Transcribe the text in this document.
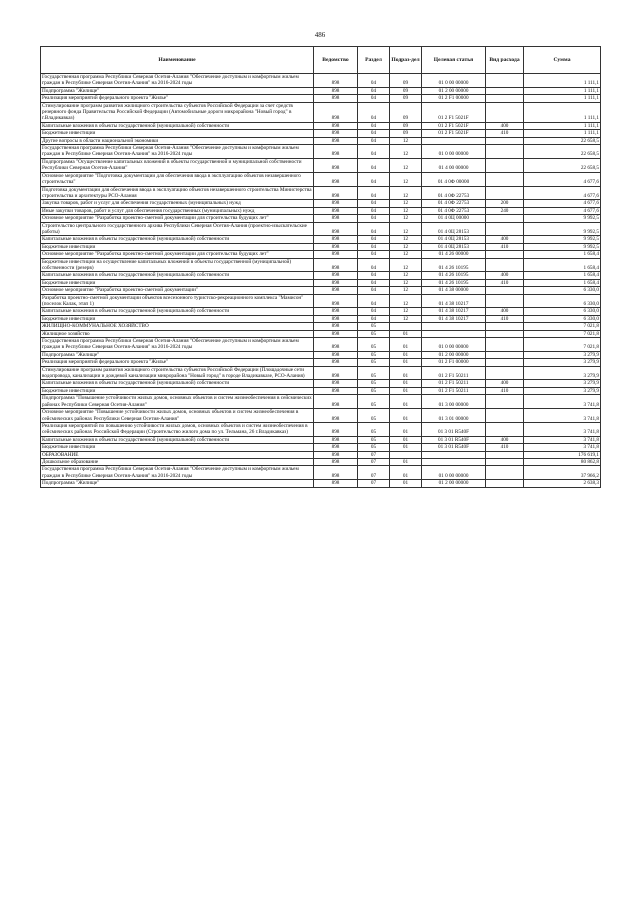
486
Наименование	Ведомство	Раздел	Подраз-дел	Целевая статья	Вид расхода	Сумма
Государственная программа Республики Северная Осетия-Алания "Обеспечение доступным и комфортным жильем граждан в Республике Северная Осетия-Алания" на 2016-2024 годы	898	04	09	01 0 00 00000		1 111,1
Подпрограмма "Жилище"	898	04	09	01 2 00 00000		1 111,1
Реализация мероприятий федерального проекта "Жилье"	898	04	09	01 2 F1 00000		1 111,1
Стимулирование программ развития жилищного строительства субъектов Российской Федерации за счет средств резервного фонда Правительства Российской Федерации (Автомобильные дороги микрорайона "Новый город" в г.Владикавказ)	898	04	09	01 2 F1 5021F		1 111,1
Капитальные вложения в объекты государственной (муниципальной) собственности	898	04	09	01 2 F1 5021F	400	1 111,1
Бюджетные инвестиции	898	04	09	01 2 F1 5021F	410	1 111,1
Другие вопросы в области национальной экономики	898	04	12			22 658,5
Государственная программа Республики Северная Осетия-Алания "Обеспечение доступным и комфортным жильем граждан в Республике Северная Осетия-Алания" на 2016-2024 годы	898	04	12	01 0 00 00000		22 658,5
Подпрограмма "Осуществление капитальных вложений в объекты государственной и муниципальной собственности Республики Северная Осетия-Алания"	898	04	12	01 4 00 00000		22 658,5
Основное мероприятие "Подготовка документации для обеспечения ввода в эксплуатацию объектов незавершенного строительства"	898	04	12	01 4 0Ф 00000		4 677,6
Подготовка документации для обеспечения ввода в эксплуатацию объектов незавершенного строительства Министерства строительства и архитектуры РСО-Алания	898	04	12	01 4 0Ф 22753		4 677,6
Закупка товаров, работ и услуг для обеспечения государственных (муниципальных) нужд	898	04	12	01 4 0Ф 22753	200	4 677,6
Иные закупки товаров, работ и услуг для обеспечения государственных (муниципальных) нужд	898	04	12	01 4 0Ф 22753	240	4 677,6
Основное мероприятие "Разработка проектно-сметной документации для строительства будущих лет"	898	04	12	01 4 0Ц 00000		9 992,5
Строительство центрального государственного архива Республики Северная Осетия-Алания (проектно-изыскательские работы)	898	04	12	01 4 0Ц 28153		9 992,5
Капитальные вложения в объекты государственной (муниципальной) собственности	898	04	12	01 4 0Ц 28153	400	9 992,5
Бюджетные инвестиции	898	04	12	01 4 0Ц 28153	410	9 992,5
Основное мероприятие "Разработка проектно-сметной документации для строительства будущих лет"	898	04	12	01 4 26 00000		1 658,4
Бюджетные инвестиции на осуществление капитальных вложений в объекты государственной (муниципальной) собственности (резерв)	898	04	12	01 4 26 10195		1 658,4
Капитальные вложения в объекты государственной (муниципальной) собственности	898	04	12	01 4 26 10195	400	1 658,4
Бюджетные инвестиции	898	04	12	01 4 26 10195	410	1 658,4
Основное мероприятие "Разработка проектно-сметной документации"	898	04	12	01 4 38 00000		6 330,0
Разработка проектно-сметной документации объектов всесезонного туристско-рекреационного комплекса "Мамисон" (поселок Калак, этап 1)	898	04	12	01 4 38 10217		6 330,0
Капитальные вложения в объекты государственной (муниципальной) собственности	898	04	12	01 4 38 10217	400	6 330,0
Бюджетные инвестиции	898	04	12	01 4 38 10217	410	6 330,0
ЖИЛИЩНО-КОММУНАЛЬНОЕ ХОЗЯЙСТВО	898	05				7 021,8
Жилищное хозяйство	898	05	01			7 021,8
Государственная программа Республики Северная Осетия-Алания "Обеспечение доступным и комфортным жильем граждан в Республике Северная Осетия-Алания" на 2016-2024 годы	898	05	01	01 0 00 00000		7 021,8
Подпрограмма "Жилище"	898	05	01	01 2 00 00000		3 279,9
Реализация мероприятий федерального проекта "Жилье"	898	05	01	01 2 F1 00000		3 279,9
Стимулирование программ развития жилищного строительства субъектов Российской Федерации (Площадочные сети водопровода, канализации и дождевой канализации микрорайона "Новый город" в городе Владикавказе, РСО-Алания)	898	05	01	01 2 F1 50211		3 279,9
Капитальные вложения в объекты государственной (муниципальной) собственности	898	05	01	01 2 F1 50211	400	3 279,9
Бюджетные инвестиции	898	05	01	01 2 F1 50211	410	3 279,9
Подпрограмма "Повышение устойчивости жилых домов, основных объектов и систем жизнеобеспечения в сейсмических районах Республики Северная Осетия-Алания"	898	05	01	01 3 00 00000		3 741,8
Основное мероприятие "Повышение устойчивости жилых домов, основных объектов и систем жизнеобеспечения в сейсмических районах Республики Северная Осетия-Алания"	898	05	01	01 3 01 00000		3 741,8
Реализация мероприятий по повышению устойчивости жилых домов, основных объектов и систем жизнеобеспечения в сейсмических районах Российской Федерации (Строительство жилого дома по ул. Тельмана, 26 г.Владикавказ)	898	05	01	01 3 01 R540F		3 741,8
Капитальные вложения в объекты государственной (муниципальной) собственности	898	05	01	01 3 01 R540F	400	3 741,8
Бюджетные инвестиции	898	05	01	01 3 01 R540F	410	3 741,8
ОБРАЗОВАНИЕ	898	07				176 619,1
Дошкольное образование	898	07	01			80 862,8
Государственная программа Республики Северная Осетия-Алания "Обеспечение доступным и комфортным жильем граждан в Республике Северная Осетия-Алания" на 2016-2024 годы	898	07	01	01 0 00 00000		37 966,2
Подпрограмма "Жилище"	898	07	01	01 2 00 00000		2 638,3
